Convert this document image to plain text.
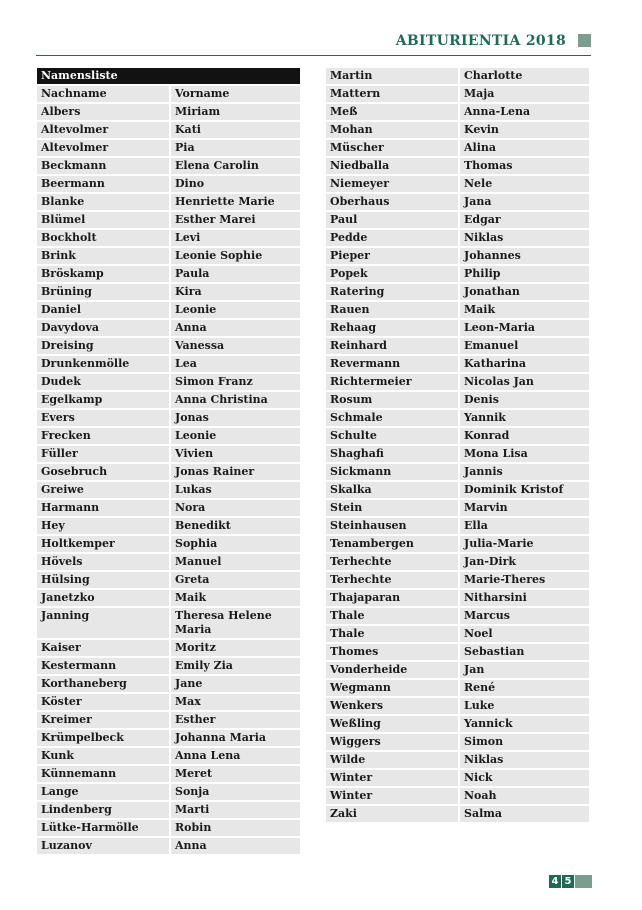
ABITURIENTIA 2018
Namensliste
Nachname	Vorname
Albers	Miriam
Altevolmer	Kati
Altevolmer	Pia
Beckmann	Elena Carolin
Beermann	Dino
Blanke	Henriette Marie
Blümel	Esther Marei
Bockholt	Levi
Brink	Leonie Sophie
Bröskamp	Paula
Brüning	Kira
Daniel	Leonie
Davydova	Anna
Dreising	Vanessa
Drunkenmölle	Lea
Dudek	Simon Franz
Egelkamp	Anna Christina
Evers	Jonas
Frecken	Leonie
Füller	Vivien
Gosebruch	Jonas Rainer
Greiwe	Lukas
Harmann	Nora
Hey	Benedikt
Holtkemper	Sophia
Hövels	Manuel
Hülsing	Greta
Janetzko	Maik
Janning	Theresa Helene
Maria
Kaiser	Moritz
Kestermann	Emily Zia
Korthaneberg	Jane
Köster	Max
Kreimer	Esther
Krümpelbeck	Johanna Maria
Kunk	Anna Lena
Künnemann	Meret
Lange	Sonja
Lindenberg	Marti
Lütke-Harmölle	Robin
Luzanov	Anna
Martin	Charlotte
Mattern	Maja
Meß	Anna-Lena
Mohan	Kevin
Müscher	Alina
Niedballa	Thomas
Niemeyer	Nele
Oberhaus	Jana
Paul	Edgar
Pedde	Niklas
Pieper	Johannes
Popek	Philip
Ratering	Jonathan
Rauen	Maik
Rehaag	Leon-Maria
Reinhard	Emanuel
Revermann	Katharina
Richtermeier	Nicolas Jan
Rosum	Denis
Schmale	Yannik
Schulte	Konrad
Shaghafi	Mona Lisa
Sickmann	Jannis
Skalka	Dominik Kristof
Stein	Marvin
Steinhausen	Ella
Tenambergen	Julia-Marie
Terhechte	Jan-Dirk
Terhechte	Marie-Theres
Thajaparan	Nitharsini
Thale	Marcus
Thale	Noel
Thomes	Sebastian
Vonderheide	Jan
Wegmann	René
Wenkers	Luke
Weßling	Yannick
Wiggers	Simon
Wilde	Niklas
Winter	Nick
Winter	Noah
Zaki	Salma
4 5
